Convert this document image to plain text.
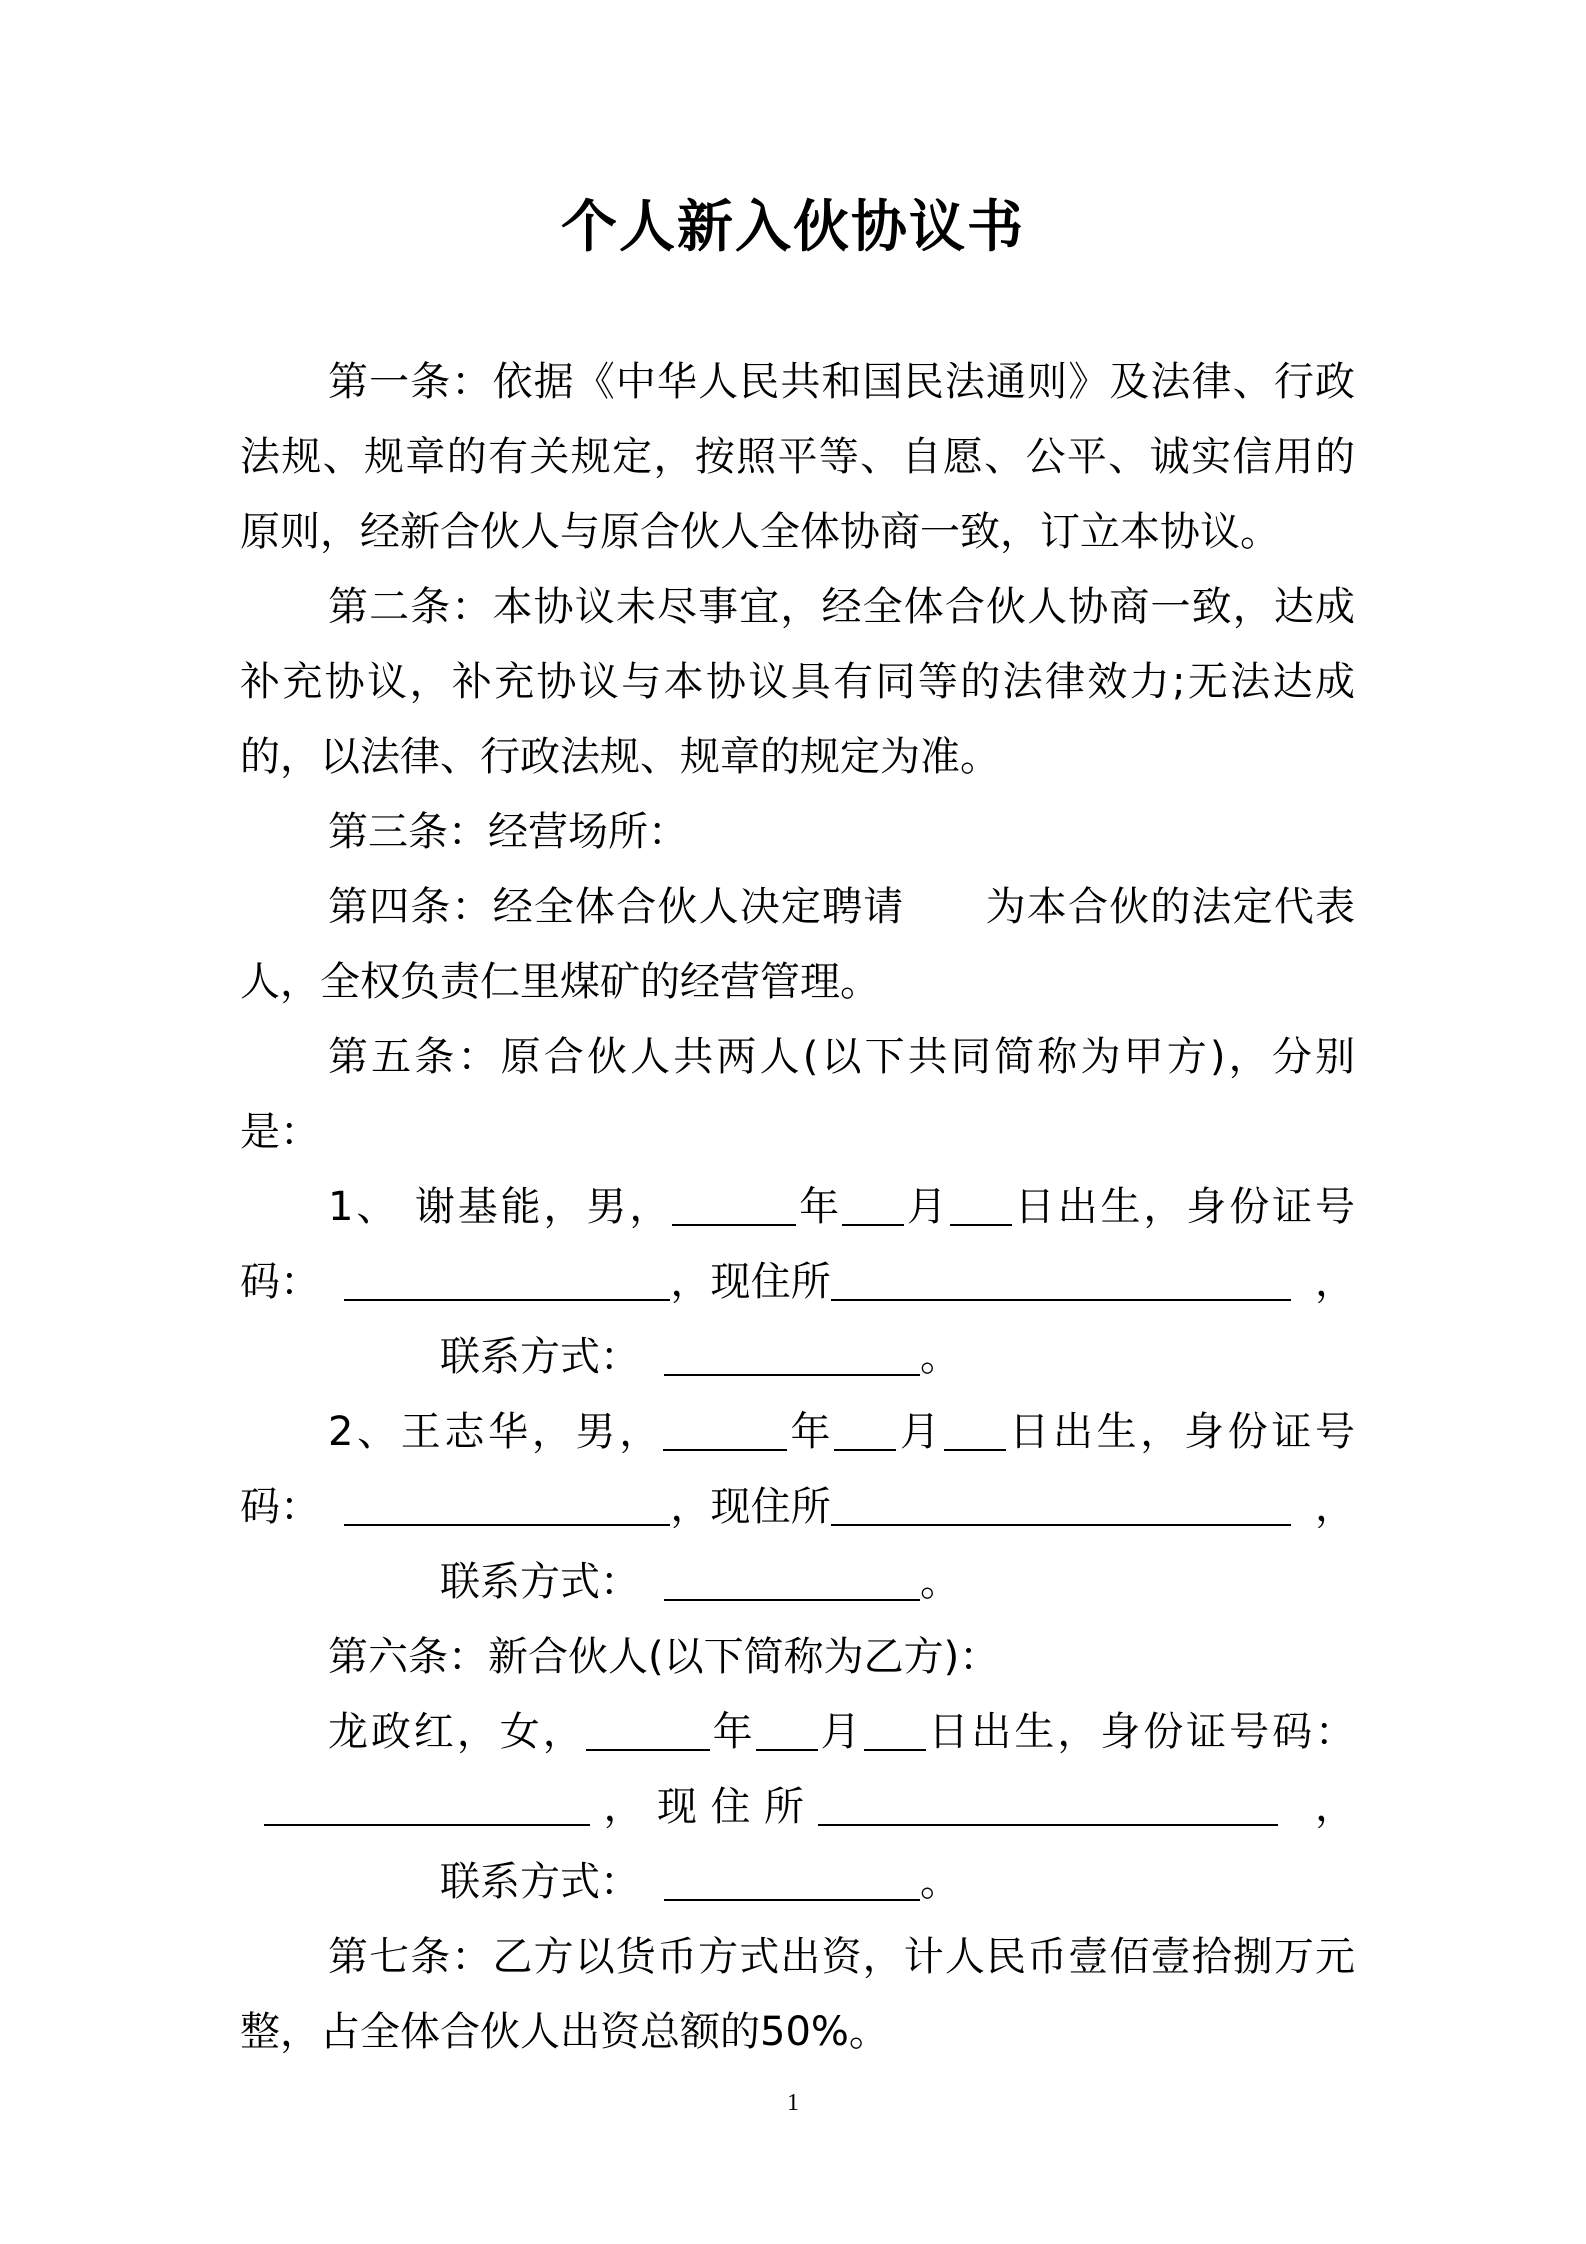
个人新入伙协议书

第一条：依据《中华人民共和国民法通则》及法律、行政法规、规章的有关规定，按照平等、自愿、公平、诚实信用的原则，经新合伙人与原合伙人全体协商一致，订立本协议。

第二条：本协议未尽事宜，经全体合伙人协商一致，达成补充协议，补充协议与本协议具有同等的法律效力;无法达成的，以法律、行政法规、规章的规定为准。

第三条：经营场所：

第四条：经全体合伙人决定聘请 为本合伙的法定代表人，全权负责仁里煤矿的经营管理。

第五条：原合伙人共两人(以下共同简称为甲方)，分别是：

1、 谢基能，男，	年 月 日出生，身份证号码：	，现住所	，联系方式：	。

2、王志华，男，	年 月 日出生，身份证号码：	，现住所	，联系方式：	。

第六条：新合伙人(以下简称为乙方)：

龙政红，女，	年 月 日出生，身份证号码：，现住所	，联系方式：	。

第七条：乙方以货币方式出资，计人民币壹佰壹拾捌万元整，占全体合伙人出资总额的50%。

1
